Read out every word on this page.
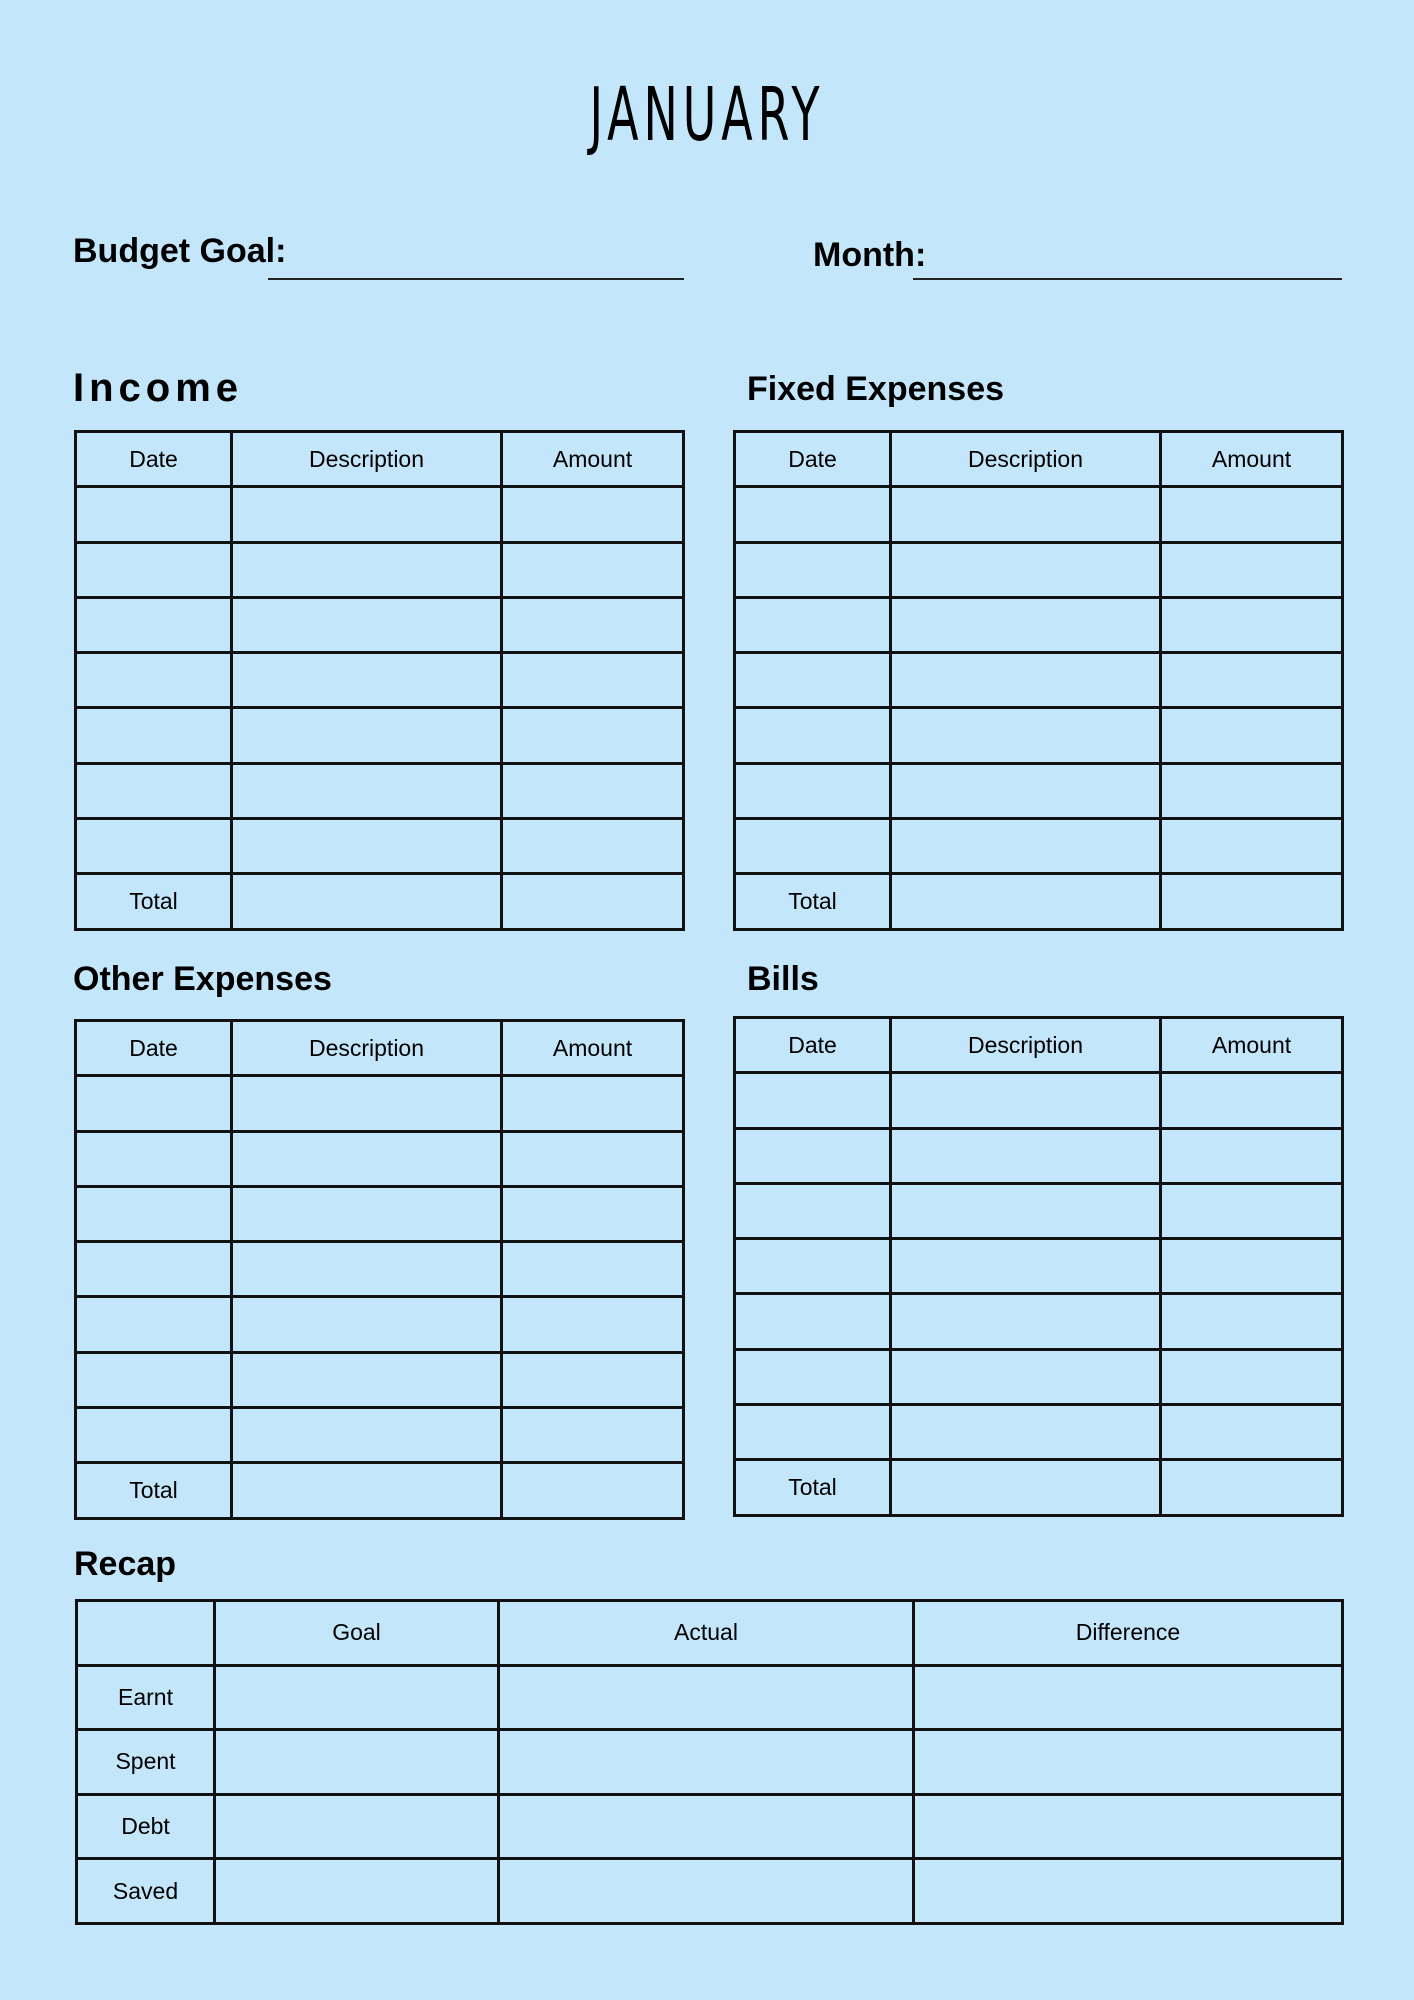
JANUARY
Budget Goal:	Month:
Income
Date	Description	Amount

Total		
Fixed Expenses
Date	Description	Amount

Total		
Other Expenses
Date	Description	Amount

Total		
Bills
Date	Description	Amount

Total		
Recap
	Goal	Actual	Difference
Earnt			
Spent			
Debt			
Saved			
